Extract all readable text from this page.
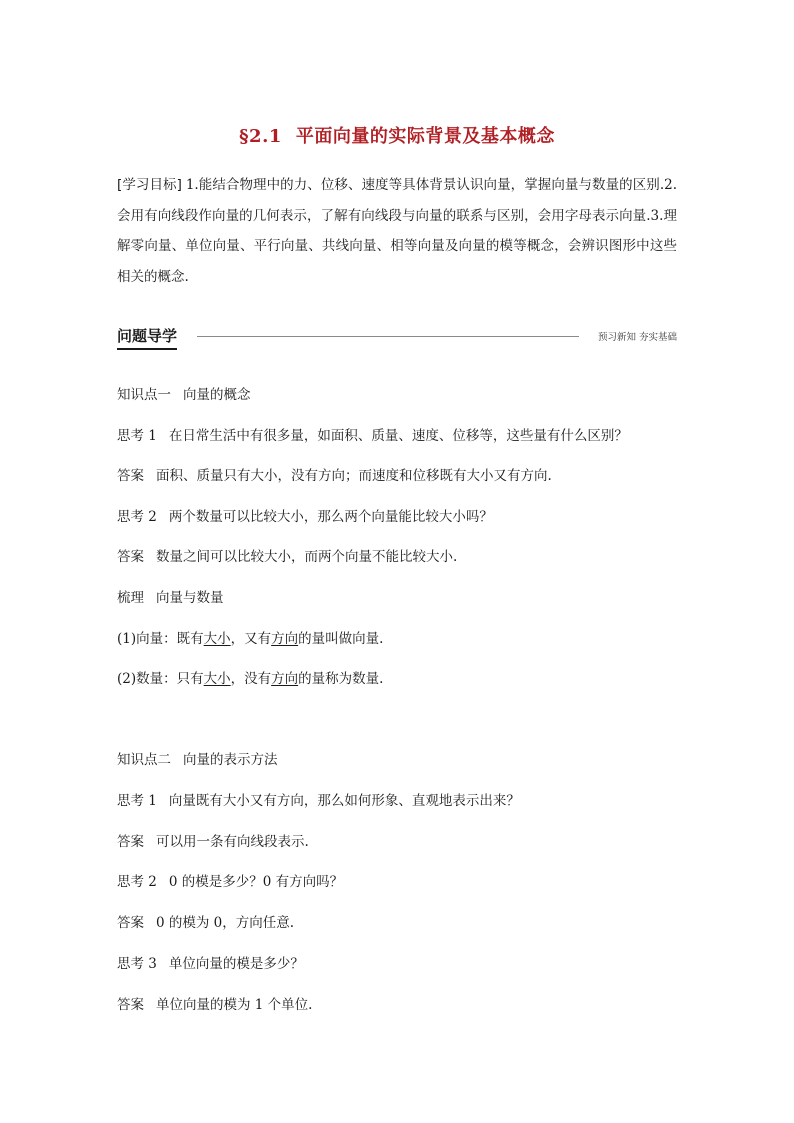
§2.1 平面向量的实际背景及基本概念
[学习目标] 1.能结合物理中的力、位移、速度等具体背景认识向量，掌握向量与数量的区别.2.会用有向线段作向量的几何表示，了解有向线段与向量的联系与区别，会用字母表示向量.3.理解零向量、单位向量、平行向量、共线向量、相等向量及向量的模等概念，会辨识图形中这些相关的概念.
问题导学	预习新知 夯实基础
知识点一 向量的概念
思考 1 在日常生活中有很多量，如面积、质量、速度、位移等，这些量有什么区别？
答案 面积、质量只有大小，没有方向；而速度和位移既有大小又有方向.
思考 2 两个数量可以比较大小，那么两个向量能比较大小吗？
答案 数量之间可以比较大小，而两个向量不能比较大小.
梳理 向量与数量
(1)向量：既有大小，又有方向的量叫做向量.
(2)数量：只有大小，没有方向的量称为数量.
知识点二 向量的表示方法
思考 1 向量既有大小又有方向，那么如何形象、直观地表示出来？
答案 可以用一条有向线段表示.
思考 2 0 的模是多少？0 有方向吗？
答案 0 的模为 0，方向任意.
思考 3 单位向量的模是多少？
答案 单位向量的模为 1 个单位.
